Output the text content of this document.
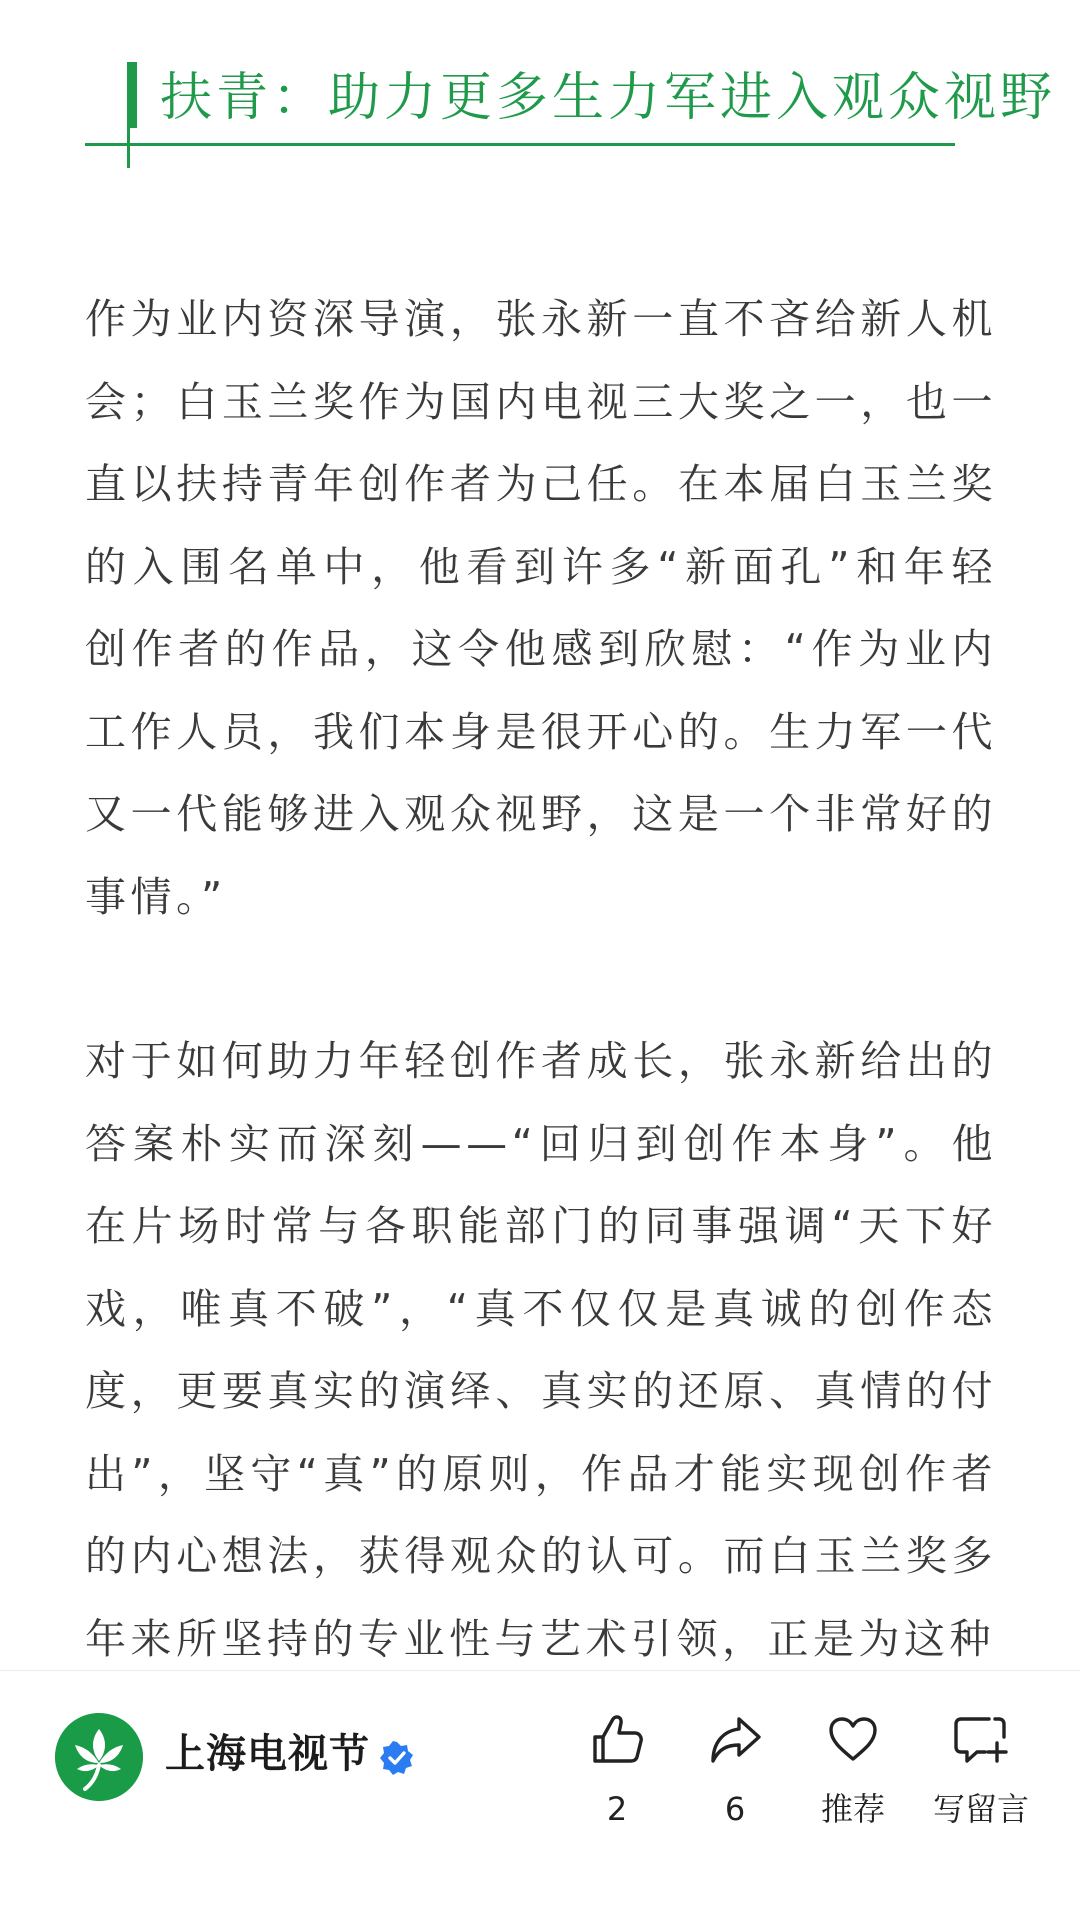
扶青：助力更多生力军进入观众视野

作为业内资深导演，张永新一直不吝给新人机会；白玉兰奖作为国内电视三大奖之一，也一直以扶持青年创作者为己任。在本届白玉兰奖的入围名单中，他看到许多“新面孔”和年轻创作者的作品，这令他感到欣慰：“作为业内工作人员，我们本身是很开心的。生力军一代又一代能够进入观众视野，这是一个非常好的事情。”

对于如何助力年轻创作者成长，张永新给出的答案朴实而深刻——“回归到创作本身”。他在片场时常与各职能部门的同事强调“天下好戏，唯真不破”，“真不仅仅是真诚的创作态度，更要真实的演绎、真实的还原、真情的付出”，坚守“真”的原则，作品才能实现创作者的内心想法，获得观众的认可。而白玉兰奖多年来所坚持的专业性与艺术引领，正是为这种

上海电视节
2	6	推荐	写留言
